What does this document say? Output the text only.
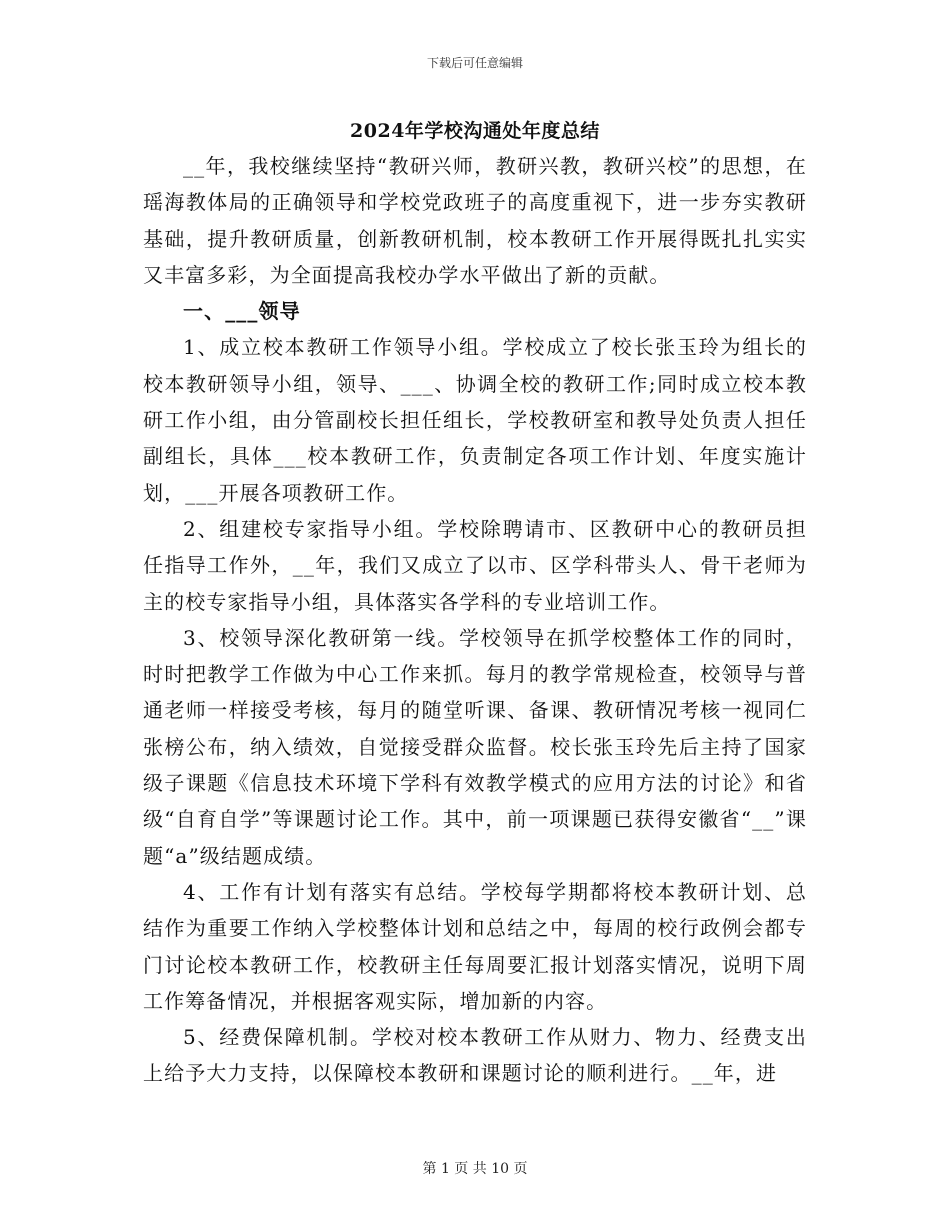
下载后可任意编辑
2024年学校沟通处年度总结

__年，我校继续坚持“教研兴师，教研兴教，教研兴校”的思想，在瑶海教体局的正确领导和学校党政班子的高度重视下，进一步夯实教研基础，提升教研质量，创新教研机制，校本教研工作开展得既扎扎实实又丰富多彩，为全面提高我校办学水平做出了新的贡献。

一、___领导

1、成立校本教研工作领导小组。学校成立了校长张玉玲为组长的校本教研领导小组，领导、___、协调全校的教研工作;同时成立校本教研工作小组，由分管副校长担任组长，学校教研室和教导处负责人担任副组长，具体___校本教研工作，负责制定各项工作计划、年度实施计划，___开展各项教研工作。

2、组建校专家指导小组。学校除聘请市、区教研中心的教研员担任指导工作外，__年，我们又成立了以市、区学科带头人、骨干老师为主的校专家指导小组，具体落实各学科的专业培训工作。

3、校领导深化教研第一线。学校领导在抓学校整体工作的同时，时时把教学工作做为中心工作来抓。每月的教学常规检查，校领导与普通老师一样接受考核，每月的随堂听课、备课、教研情况考核一视同仁张榜公布，纳入绩效，自觉接受群众监督。校长张玉玲先后主持了国家级子课题《信息技术环境下学科有效教学模式的应用方法的讨论》和省级“自育自学”等课题讨论工作。其中，前一项课题已获得安徽省“__”课题“a”级结题成绩。

4、工作有计划有落实有总结。学校每学期都将校本教研计划、总结作为重要工作纳入学校整体计划和总结之中，每周的校行政例会都专门讨论校本教研工作，校教研主任每周要汇报计划落实情况，说明下周工作筹备情况，并根据客观实际，增加新的内容。

5、经费保障机制。学校对校本教研工作从财力、物力、经费支出上给予大力支持，以保障校本教研和课题讨论的顺利进行。__年，进

第 1 页 共 10 页
